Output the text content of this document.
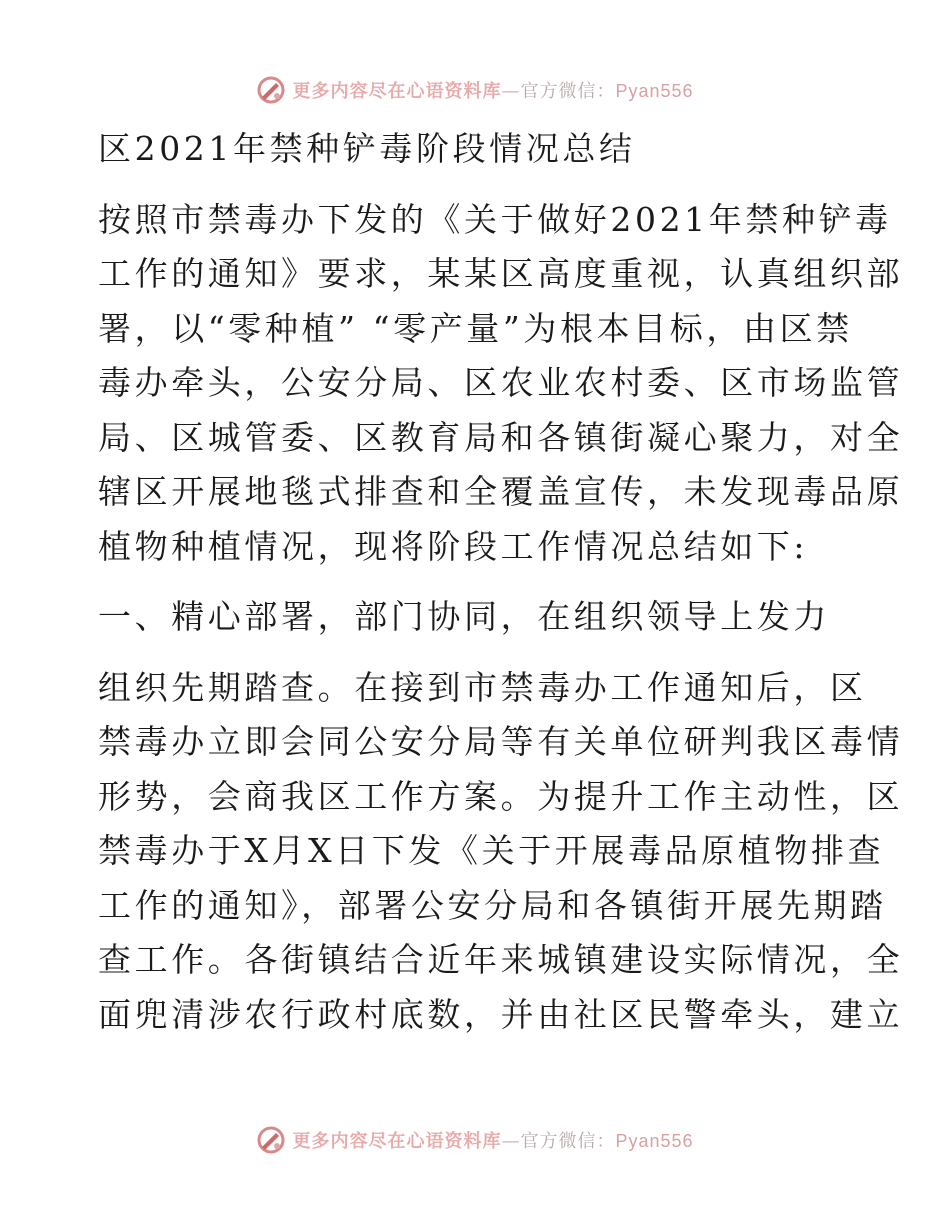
更多内容尽在心语资料库—官方微信：Pyan556

区2021年禁种铲毒阶段情况总结

按照市禁毒办下发的《关于做好2021年禁种铲毒

工作的通知》要求，某某区高度重视，认真组织部

署，以“零种植” “零产量”为根本目标，由区禁

毒办牵头，公安分局、区农业农村委、区市场监管

局、区城管委、区教育局和各镇街凝心聚力，对全

辖区开展地毯式排查和全覆盖宣传，未发现毒品原

植物种植情况，现将阶段工作情况总结如下:

一、精心部署，部门协同，在组织领导上发力

组织先期踏查。在接到市禁毒办工作通知后，区

禁毒办立即会同公安分局等有关单位研判我区毒情

形势，会商我区工作方案。为提升工作主动性，区

禁毒办于X月X日下发《关于开展毒品原植物排查

工作的通知》，部署公安分局和各镇街开展先期踏

查工作。各街镇结合近年来城镇建设实际情况，全

面兜清涉农行政村底数，并由社区民警牵头，建立

更多内容尽在心语资料库—官方微信：Pyan556
